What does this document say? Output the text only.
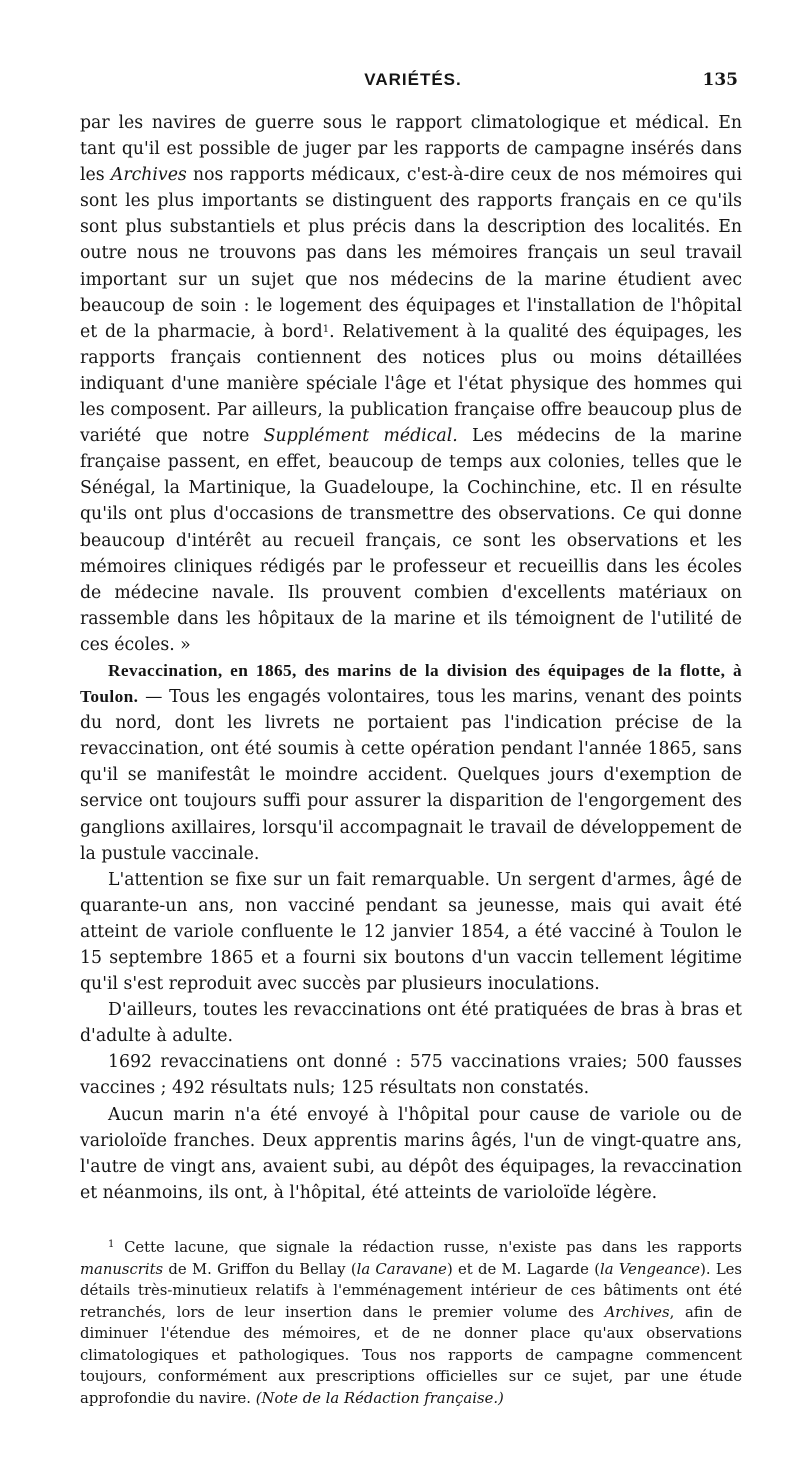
VARIÉTÉS.	135

par les navires de guerre sous le rapport climatologique et médical. En tant qu'il est possible de juger par les rapports de campagne insérés dans les Archives nos rapports médicaux, c'est-à-dire ceux de nos mémoires qui sont les plus importants se distinguent des rapports français en ce qu'ils sont plus substantiels et plus précis dans la description des localités. En outre nous ne trouvons pas dans les mémoires français un seul travail important sur un sujet que nos médecins de la marine étudient avec beaucoup de soin : le logement des équipages et l'installation de l'hôpital et de la pharmacie, à bord$^1$. Relativement à la qualité des équipages, les rapports français contiennent des notices plus ou moins détaillées indiquant d'une manière spéciale l'âge et l'état physique des hommes qui les composent. Par ailleurs, la publication française offre beaucoup plus de variété que notre Supplément médical. Les médecins de la marine française passent, en effet, beaucoup de temps aux colonies, telles que le Sénégal, la Martinique, la Guadeloupe, la Cochinchine, etc. Il en résulte qu'ils ont plus d'occasions de transmettre des observations. Ce qui donne beaucoup d'intérêt au recueil français, ce sont les observations et les mémoires cliniques rédigés par le professeur et recueillis dans les écoles de médecine navale. Ils prouvent combien d'excellents matériaux on rassemble dans les hôpitaux de la marine et ils témoignent de l'utilité de ces écoles. »

Revaccination, en 1865, des marins de la division des équipages de la flotte, à Toulon. — Tous les engagés volontaires, tous les marins, venant des points du nord, dont les livrets ne portaient pas l'indication précise de la revaccination, ont été soumis à cette opération pendant l'année 1865, sans qu'il se manifestât le moindre accident. Quelques jours d'exemption de service ont toujours suffi pour assurer la disparition de l'engorgement des ganglions axillaires, lorsqu'il accompagnait le travail de développement de la pustule vaccinale.

L'attention se fixe sur un fait remarquable. Un sergent d'armes, âgé de quarante-un ans, non vacciné pendant sa jeunesse, mais qui avait été atteint de variole confluente le 12 janvier 1854, a été vacciné à Toulon le 15 septembre 1865 et a fourni six boutons d'un vaccin tellement légitime qu'il s'est reproduit avec succès par plusieurs inoculations.

D'ailleurs, toutes les revaccinations ont été pratiquées de bras à bras et d'adulte à adulte.

1692 revaccinatiens ont donné : 575 vaccinations vraies; 500 fausses vaccines ; 492 résultats nuls; 125 résultats non constatés.

Aucun marin n'a été envoyé à l'hôpital pour cause de variole ou de varioloïde franches. Deux apprentis marins âgés, l'un de vingt-quatre ans, l'autre de vingt ans, avaient subi, au dépôt des équipages, la revaccination et néanmoins, ils ont, à l'hôpital, été atteints de varioloïde légère.

$^1$ Cette lacune, que signale la rédaction russe, n'existe pas dans les rapports manuscrits de M. Griffon du Bellay (la Caravane) et de M. Lagarde (la Vengeance). Les détails très-minutieux relatifs à l'emménagement intérieur de ces bâtiments ont été retranchés, lors de leur insertion dans le premier volume des Archives, afin de diminuer l'étendue des mémoires, et de ne donner place qu'aux observations climatologiques et pathologiques. Tous nos rapports de campagne commencent toujours, conformément aux prescriptions officielles sur ce sujet, par une étude approfondie du navire. (Note de la Rédaction française.)
